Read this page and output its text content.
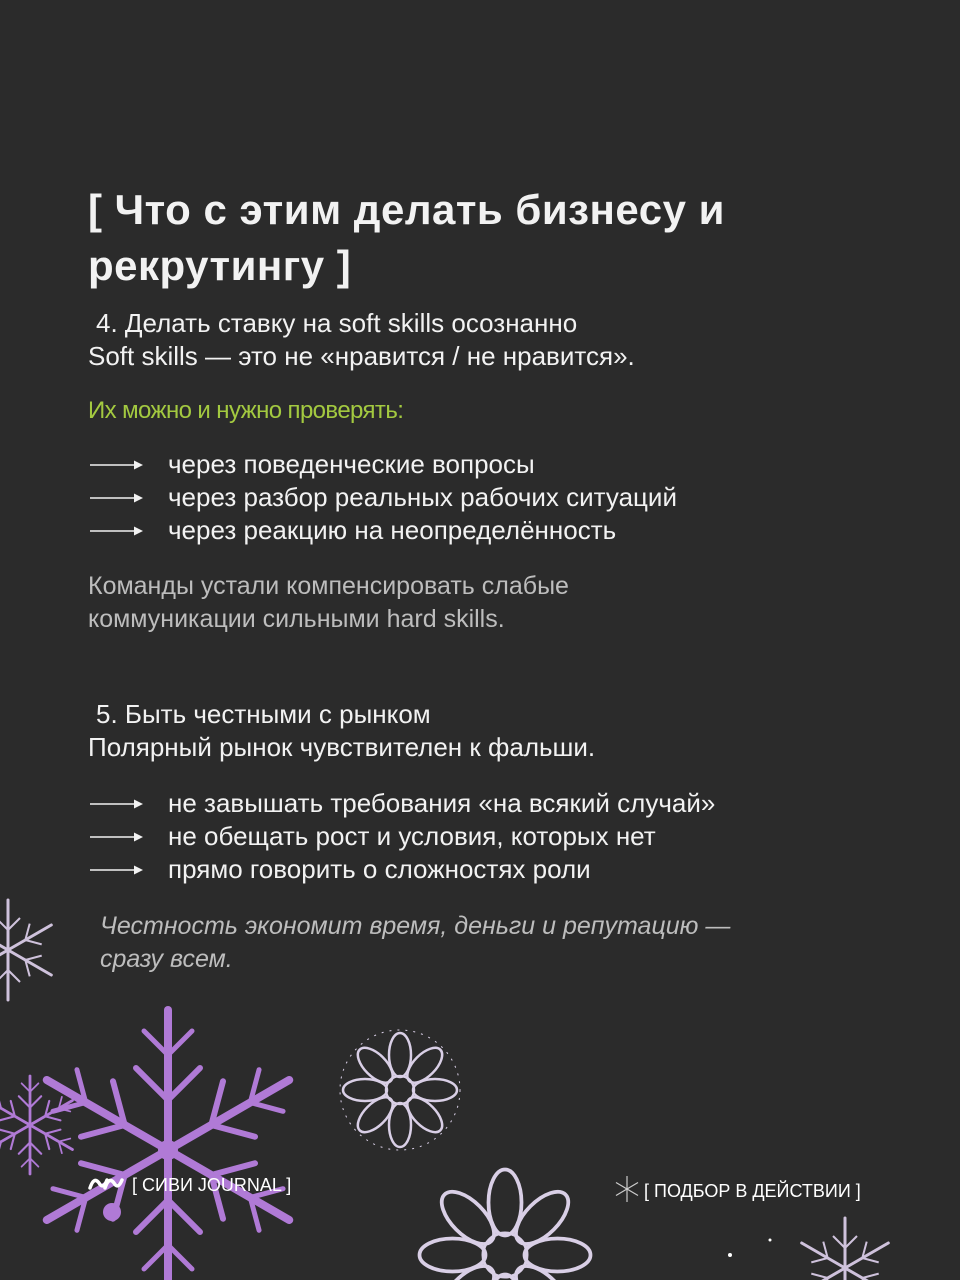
[ Что с этим делать бизнесу и рекрутингу ]

4. Делать ставку на soft skills осознанно

Soft skills — это не «нравится / не нравится».

Их можно и нужно проверять:

через поведенческие вопросы
через разбор реальных рабочих ситуаций
через реакцию на неопределённость

Команды устали компенсировать слабые

коммуникации сильными hard skills.

5. Быть честными с рынком

Полярный рынок чувствителен к фальши.

не завышать требования «на всякий случай»
не обещать рост и условия, которых нет
прямо говорить о сложностях роли

Честность экономит время, деньги и репутацию —

сразу всем.

[ СИВИ JOURNAL ]	[ ПОДБОР В ДЕЙСТВИИ ]
